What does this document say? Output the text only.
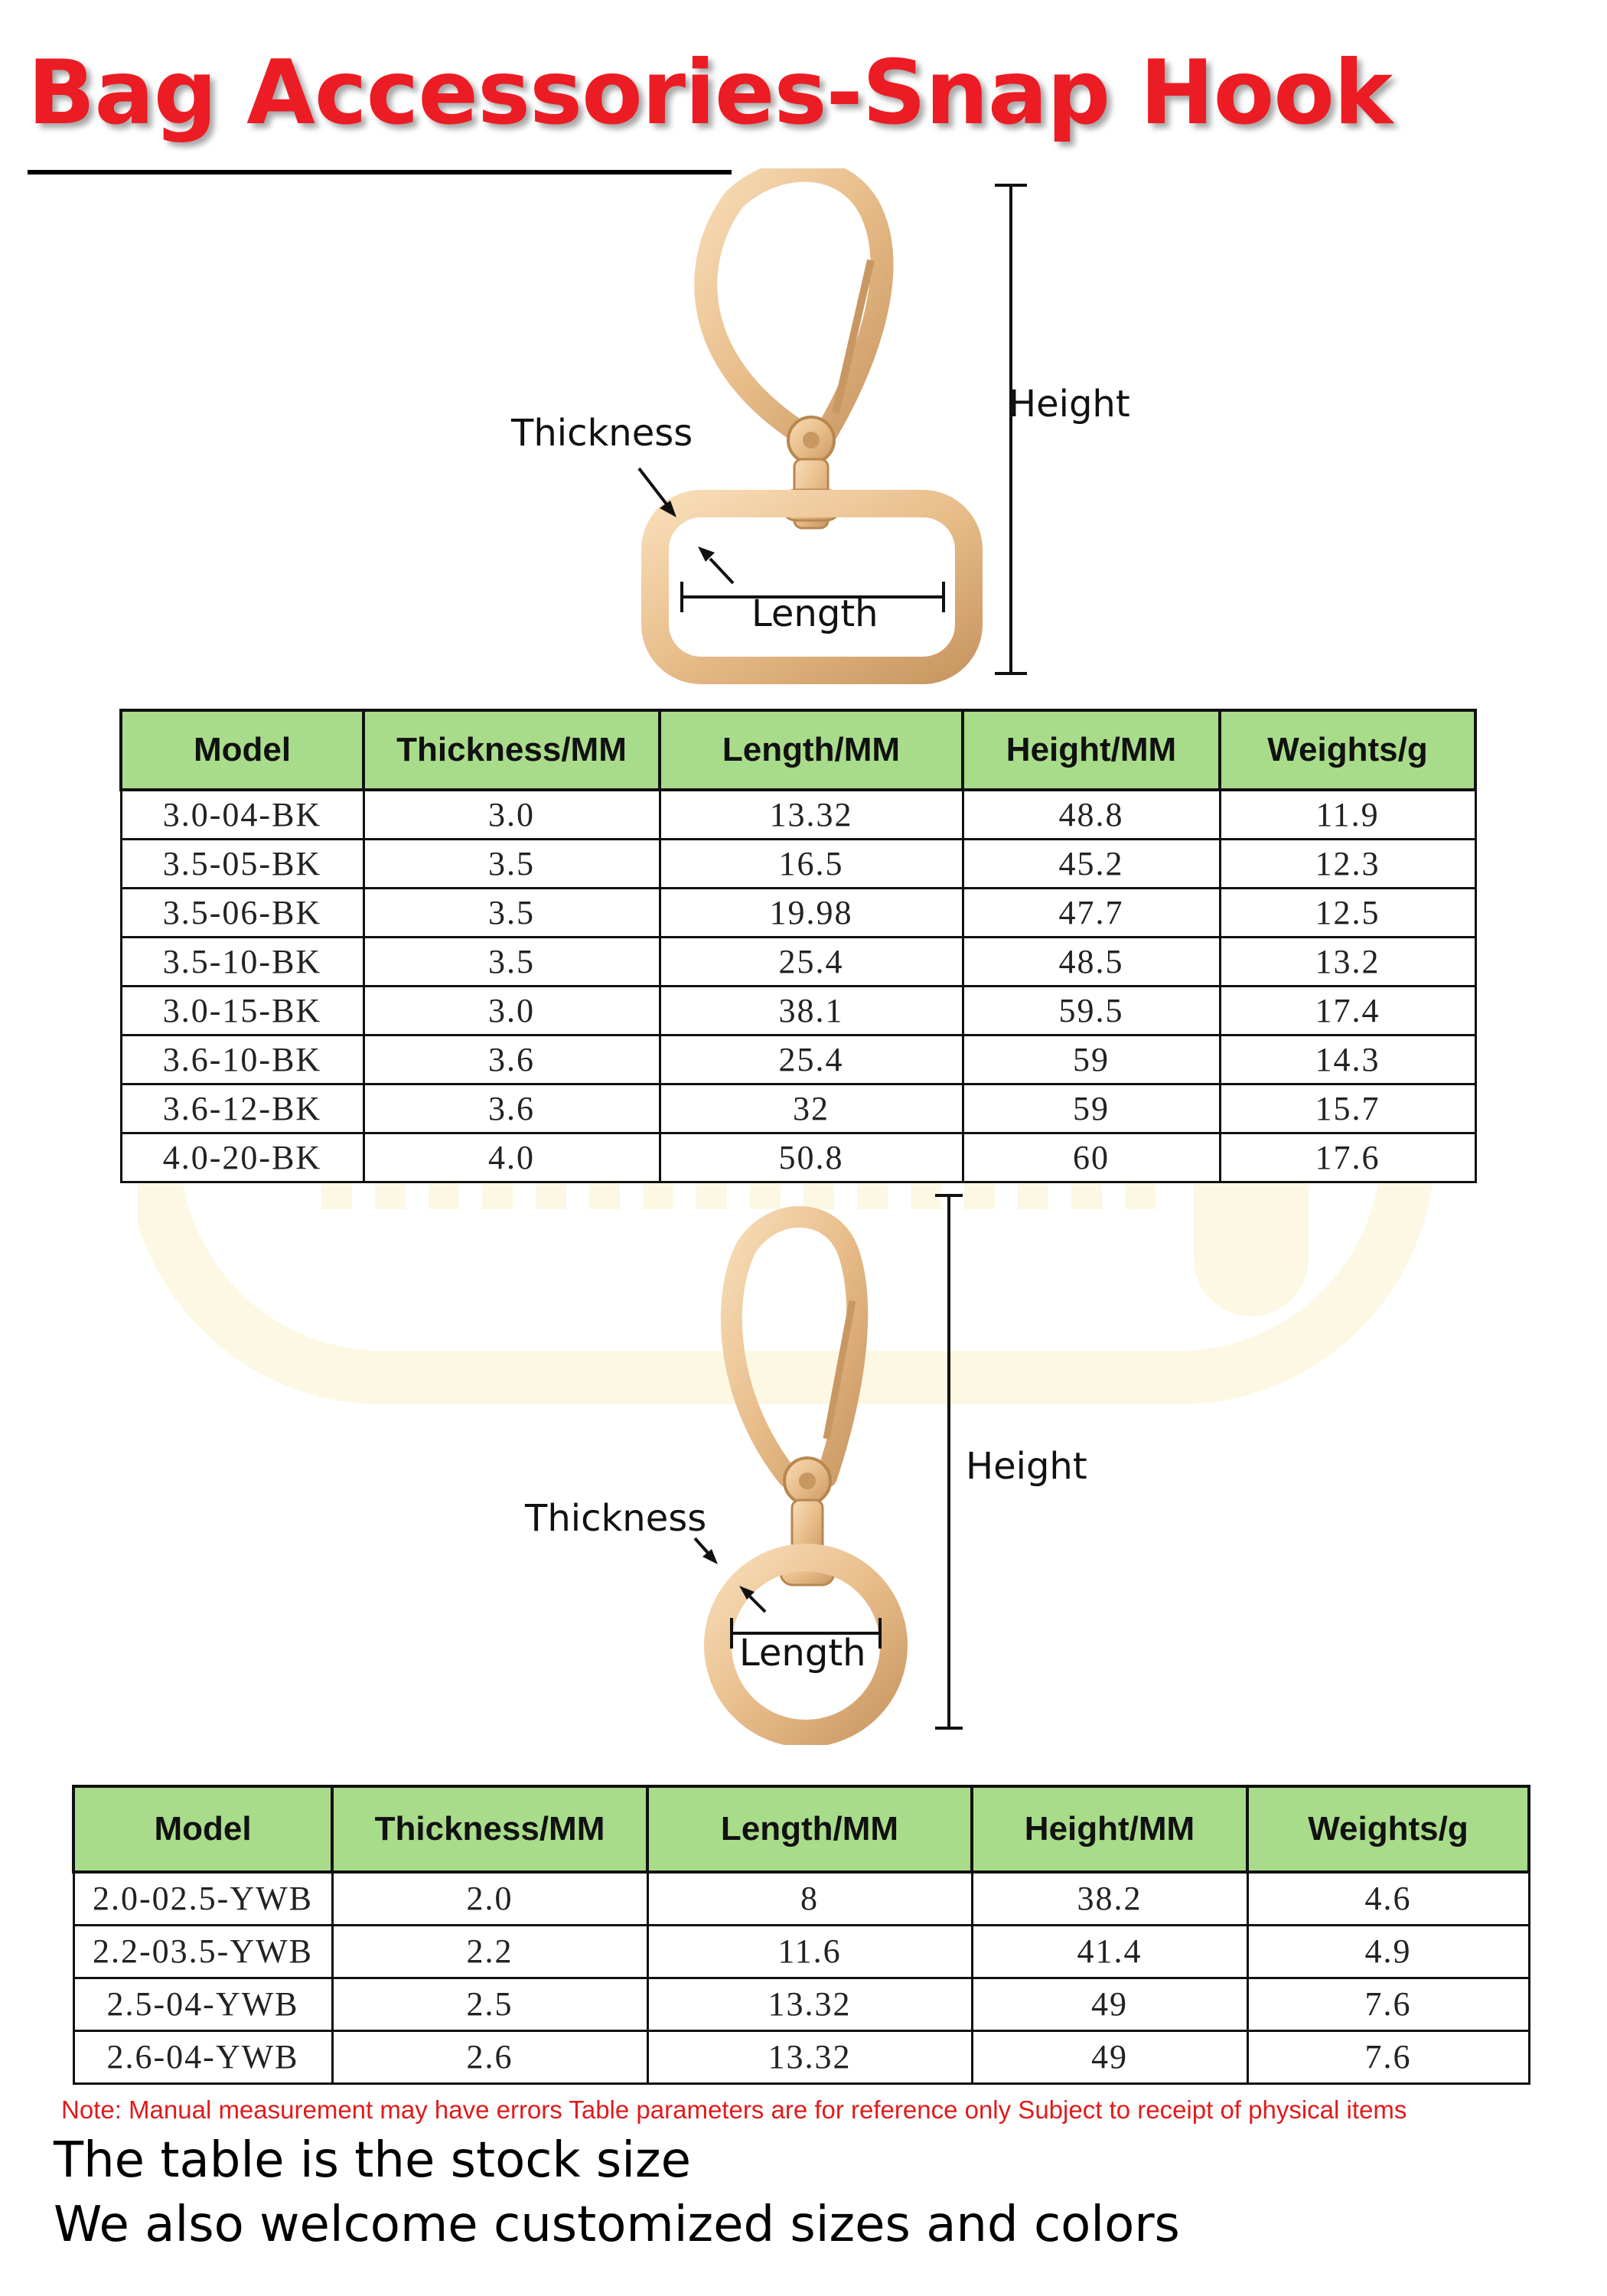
Bag Accessories-Snap Hook
Thickness
Length
Height
Model	Thickness/MM	Length/MM	Height/MM	Weights/g
3.0-04-BK	3.0	13.32	48.8	11.9
3.5-05-BK	3.5	16.5	45.2	12.3
3.5-06-BK	3.5	19.98	47.7	12.5
3.5-10-BK	3.5	25.4	48.5	13.2
3.0-15-BK	3.0	38.1	59.5	17.4
3.6-10-BK	3.6	25.4	59	14.3
3.6-12-BK	3.6	32	59	15.7
4.0-20-BK	4.0	50.8	60	17.6
Thickness
Length
Height
Model	Thickness/MM	Length/MM	Height/MM	Weights/g
2.0-02.5-YWB	2.0	8	38.2	4.6
2.2-03.5-YWB	2.2	11.6	41.4	4.9
2.5-04-YWB	2.5	13.32	49	7.6
2.6-04-YWB	2.6	13.32	49	7.6

Note: Manual measurement may have errors Table parameters are for reference only Subject to receipt of physical items

The table is the stock size

We also welcome customized sizes and colors
